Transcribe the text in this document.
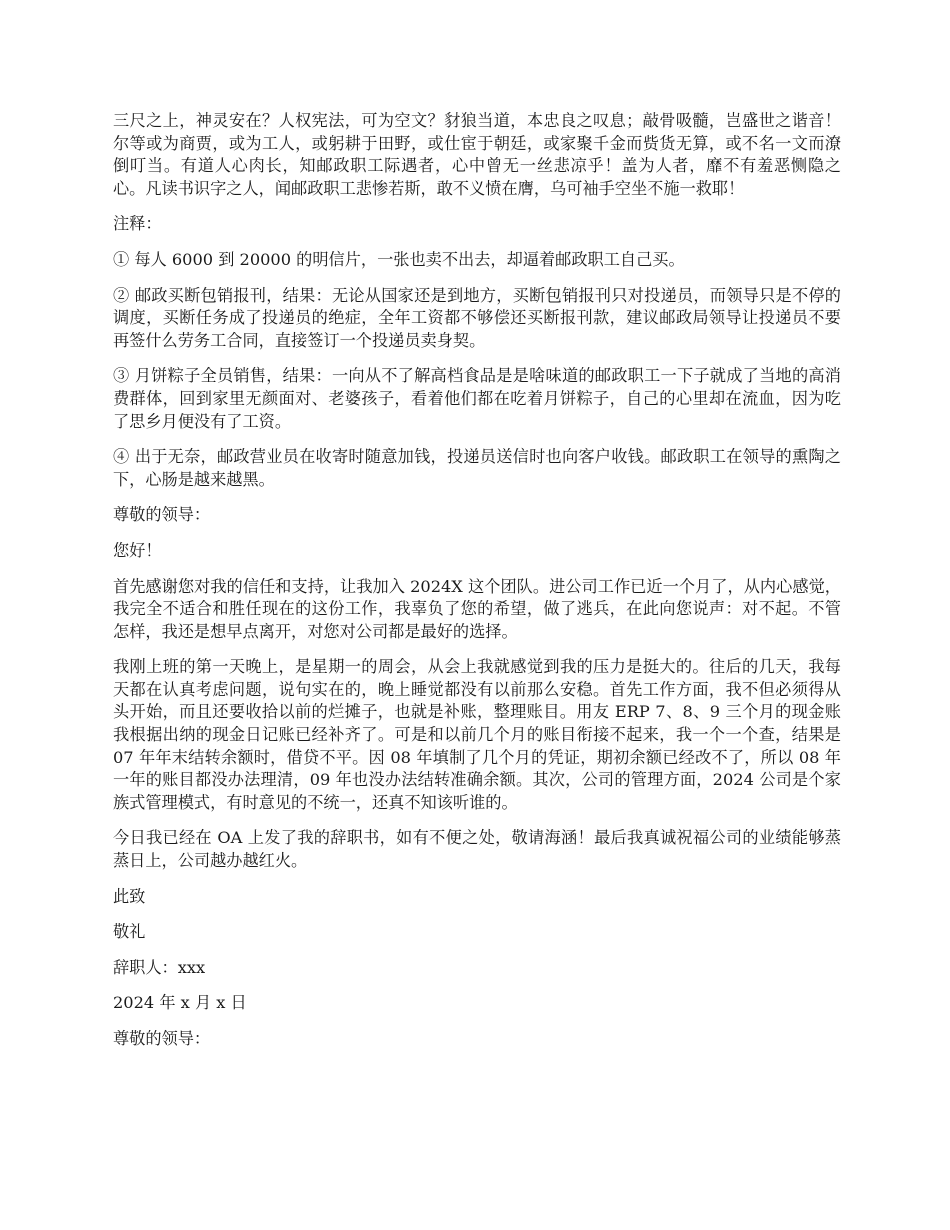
三尺之上，神灵安在？人权宪法，可为空文？豺狼当道，本忠良之叹息；敲骨吸髓，岂盛世之谐音！尔等或为商贾，或为工人，或躬耕于田野，或仕宦于朝廷，或家聚千金而赀货无算，或不名一文而潦倒叮当。有道人心肉长，知邮政职工际遇者，心中曾无一丝悲凉乎！盖为人者，靡不有羞恶恻隐之心。凡读书识字之人，闻邮政职工悲惨若斯，敢不义愤在膺，乌可袖手空坐不施一救耶！

注释：

① 每人 6000 到 20000 的明信片，一张也卖不出去，却逼着邮政职工自己买。

② 邮政买断包销报刊，结果：无论从国家还是到地方，买断包销报刊只对投递员，而领导只是不停的调度，买断任务成了投递员的绝症，全年工资都不够偿还买断报刊款，建议邮政局领导让投递员不要再签什么劳务工合同，直接签订一个投递员卖身契。

③ 月饼粽子全员销售，结果：一向从不了解高档食品是是啥味道的邮政职工一下子就成了当地的高消费群体，回到家里无颜面对、老婆孩子，看着他们都在吃着月饼粽子，自己的心里却在流血，因为吃了思乡月便没有了工资。

④ 出于无奈，邮政营业员在收寄时随意加钱，投递员送信时也向客户收钱。邮政职工在领导的熏陶之下，心肠是越来越黑。

尊敬的领导：

您好！

首先感谢您对我的信任和支持，让我加入 2024X 这个团队。进公司工作已近一个月了，从内心感觉，我完全不适合和胜任现在的这份工作，我辜负了您的希望，做了逃兵，在此向您说声：对不起。不管怎样，我还是想早点离开，对您对公司都是最好的选择。

我刚上班的第一天晚上，是星期一的周会，从会上我就感觉到我的压力是挺大的。往后的几天，我每天都在认真考虑问题，说句实在的，晚上睡觉都没有以前那么安稳。首先工作方面，我不但必须得从头开始，而且还要收拾以前的烂摊子，也就是补账，整理账目。用友 ERP 7、8、9 三个月的现金账我根据出纳的现金日记账已经补齐了。可是和以前几个月的账目衔接不起来，我一个一个查，结果是 07 年年末结转余额时，借贷不平。因 08 年填制了几个月的凭证，期初余额已经改不了，所以 08 年一年的账目都没办法理清，09 年也没办法结转准确余额。其次，公司的管理方面，2024 公司是个家族式管理模式，有时意见的不统一，还真不知该听谁的。

今日我已经在 OA 上发了我的辞职书，如有不便之处，敬请海涵！最后我真诚祝福公司的业绩能够蒸蒸日上，公司越办越红火。

此致

敬礼

辞职人：xxx

2024 年 x 月 x 日

尊敬的领导：
